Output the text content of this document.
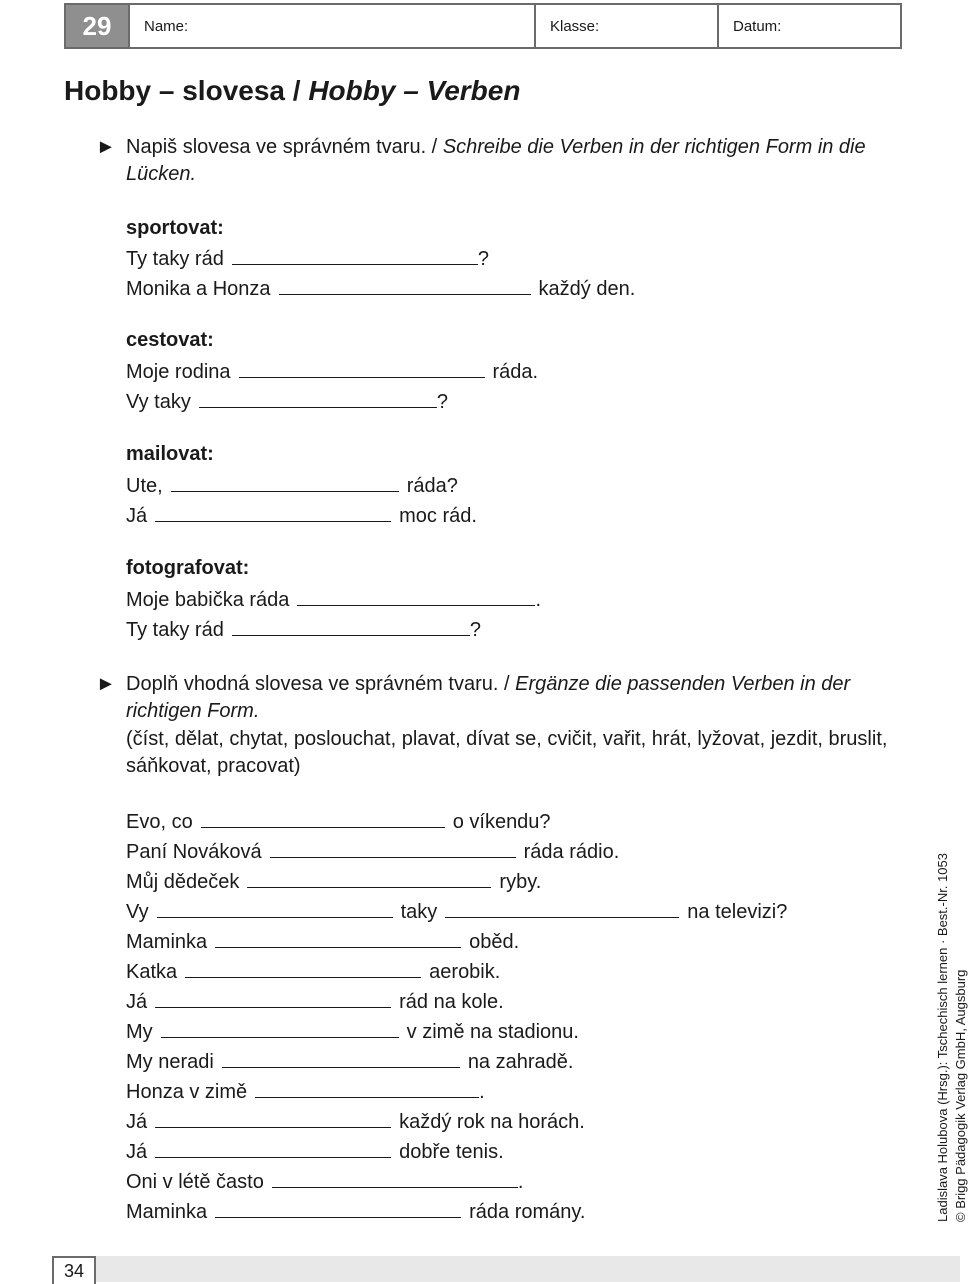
29	Name:	Klasse:	Datum:
Hobby – slovesa / Hobby – Verben
► Napiš slovesa ve správném tvaru. / Schreibe die Verben in der richtigen Form in die Lücken.
sportovat:
Ty taky rád	?
Monika a Honza	každý den.
cestovat:
Moje rodina	ráda.
Vy taky	?
mailovat:
Ute,	ráda?
Já	moc rád.
fotografovat:
Moje babička ráda	.
Ty taky rád	?
► Doplň vhodná slovesa ve správném tvaru. / Ergänze die passenden Verben in der richtigen Form.
(číst, dělat, chytat, poslouchat, plavat, dívat se, cvičit, vařit, hrát, lyžovat, jezdit, bruslit, sáňkovat, pracovat)
Evo, co	o víkendu?
Paní Nováková	ráda rádio.
Můj dědeček	ryby.
Vy	taky	na televizi?
Maminka	oběd.
Katka	aerobik.
Já	rád na kole.
My	v zimě na stadionu.
My neradi	na zahradě.
Honza v zimě	.
Já	každý rok na horách.
Já	dobře tenis.
Oni v létě často	.
Maminka	ráda romány.	Ladislava Holubova (Hrsg.): Tschechisch lernen · Best.-Nr. 1053 © Brigg Pädagogik Verlag GmbH, Augsburg
34
